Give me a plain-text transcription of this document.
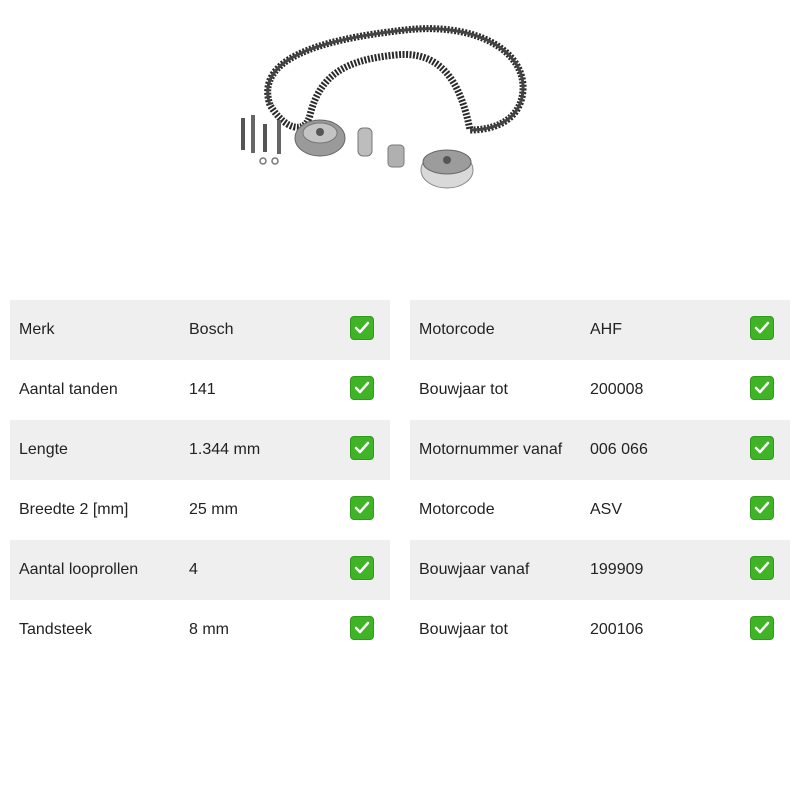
Merk	Bosch
Aantal tanden	141
Lengte	1.344 mm
Breedte 2 [mm]	25 mm
Aantal looprollen	4
Tandsteek	8 mm
Motorcode	AHF
Bouwjaar tot	200008
Motornummer vanaf 006 066
Motorcode	ASV
Bouwjaar vanaf	199909
Bouwjaar tot	200106
